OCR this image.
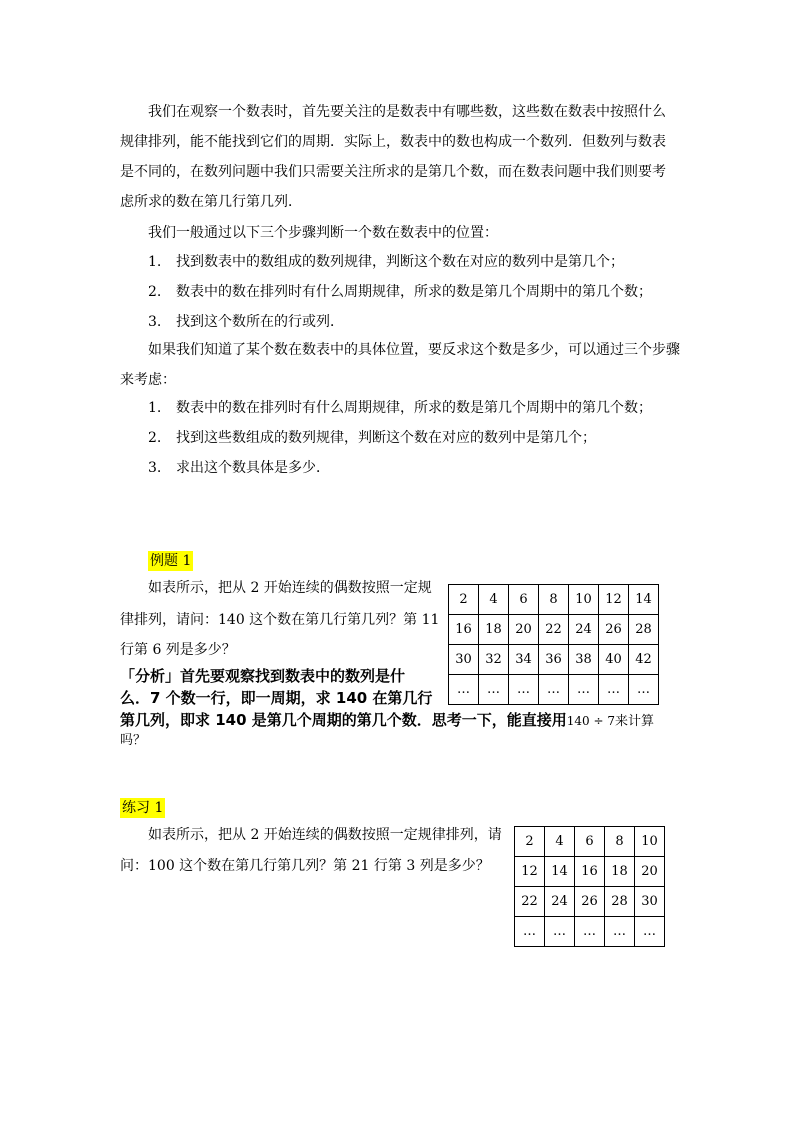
我们在观察一个数表时，首先要关注的是数表中有哪些数，这些数在数表中按照什么规律排列，能不能找到它们的周期．实际上，数表中的数也构成一个数列．但数列与数表是不同的，在数列问题中我们只需要关注所求的是第几个数，而在数表问题中我们则要考虑所求的数在第几行第几列．

我们一般通过以下三个步骤判断一个数在数表中的位置：
1. 找到数表中的数组成的数列规律，判断这个数在对应的数列中是第几个；
2. 数表中的数在排列时有什么周期规律，所求的数是第几个周期中的第几个数；
3. 找到这个数所在的行或列．
如果我们知道了某个数在数表中的具体位置，要反求这个数是多少，可以通过三个步骤
来考虑：
1. 数表中的数在排列时有什么周期规律，所求的数是第几个周期中的第几个数；
2. 找到这些数组成的数列规律，判断这个数在对应的数列中是第几个；
3. 求出这个数具体是多少．
例题 1
如表所示，把从 2 开始连续的偶数按照一定规
律排列，请问：140 这个数在第几行第几列？第 11
行第 6 列是多少？
「分析」首先要观察找到数表中的数列是什
么．7 个数一行，即一周期，求 140 在第几行
第几列，即求 140 是第几个周期的第几个数．思考一下，能直接用140 ÷ 7来计算
吗？
2	4	6	8	10	12	14
16	18	20	22	24	26	28
30	32	34	36	38	40	42
…	…	…	…	…	…	…
练习 1
如表所示，把从 2 开始连续的偶数按照一定规律排列，请
问：100 这个数在第几行第几列？第 21 行第 3 列是多少？
2	4	6	8	10
12	14	16	18	20
22	24	26	28	30
…	…	…	…	…
